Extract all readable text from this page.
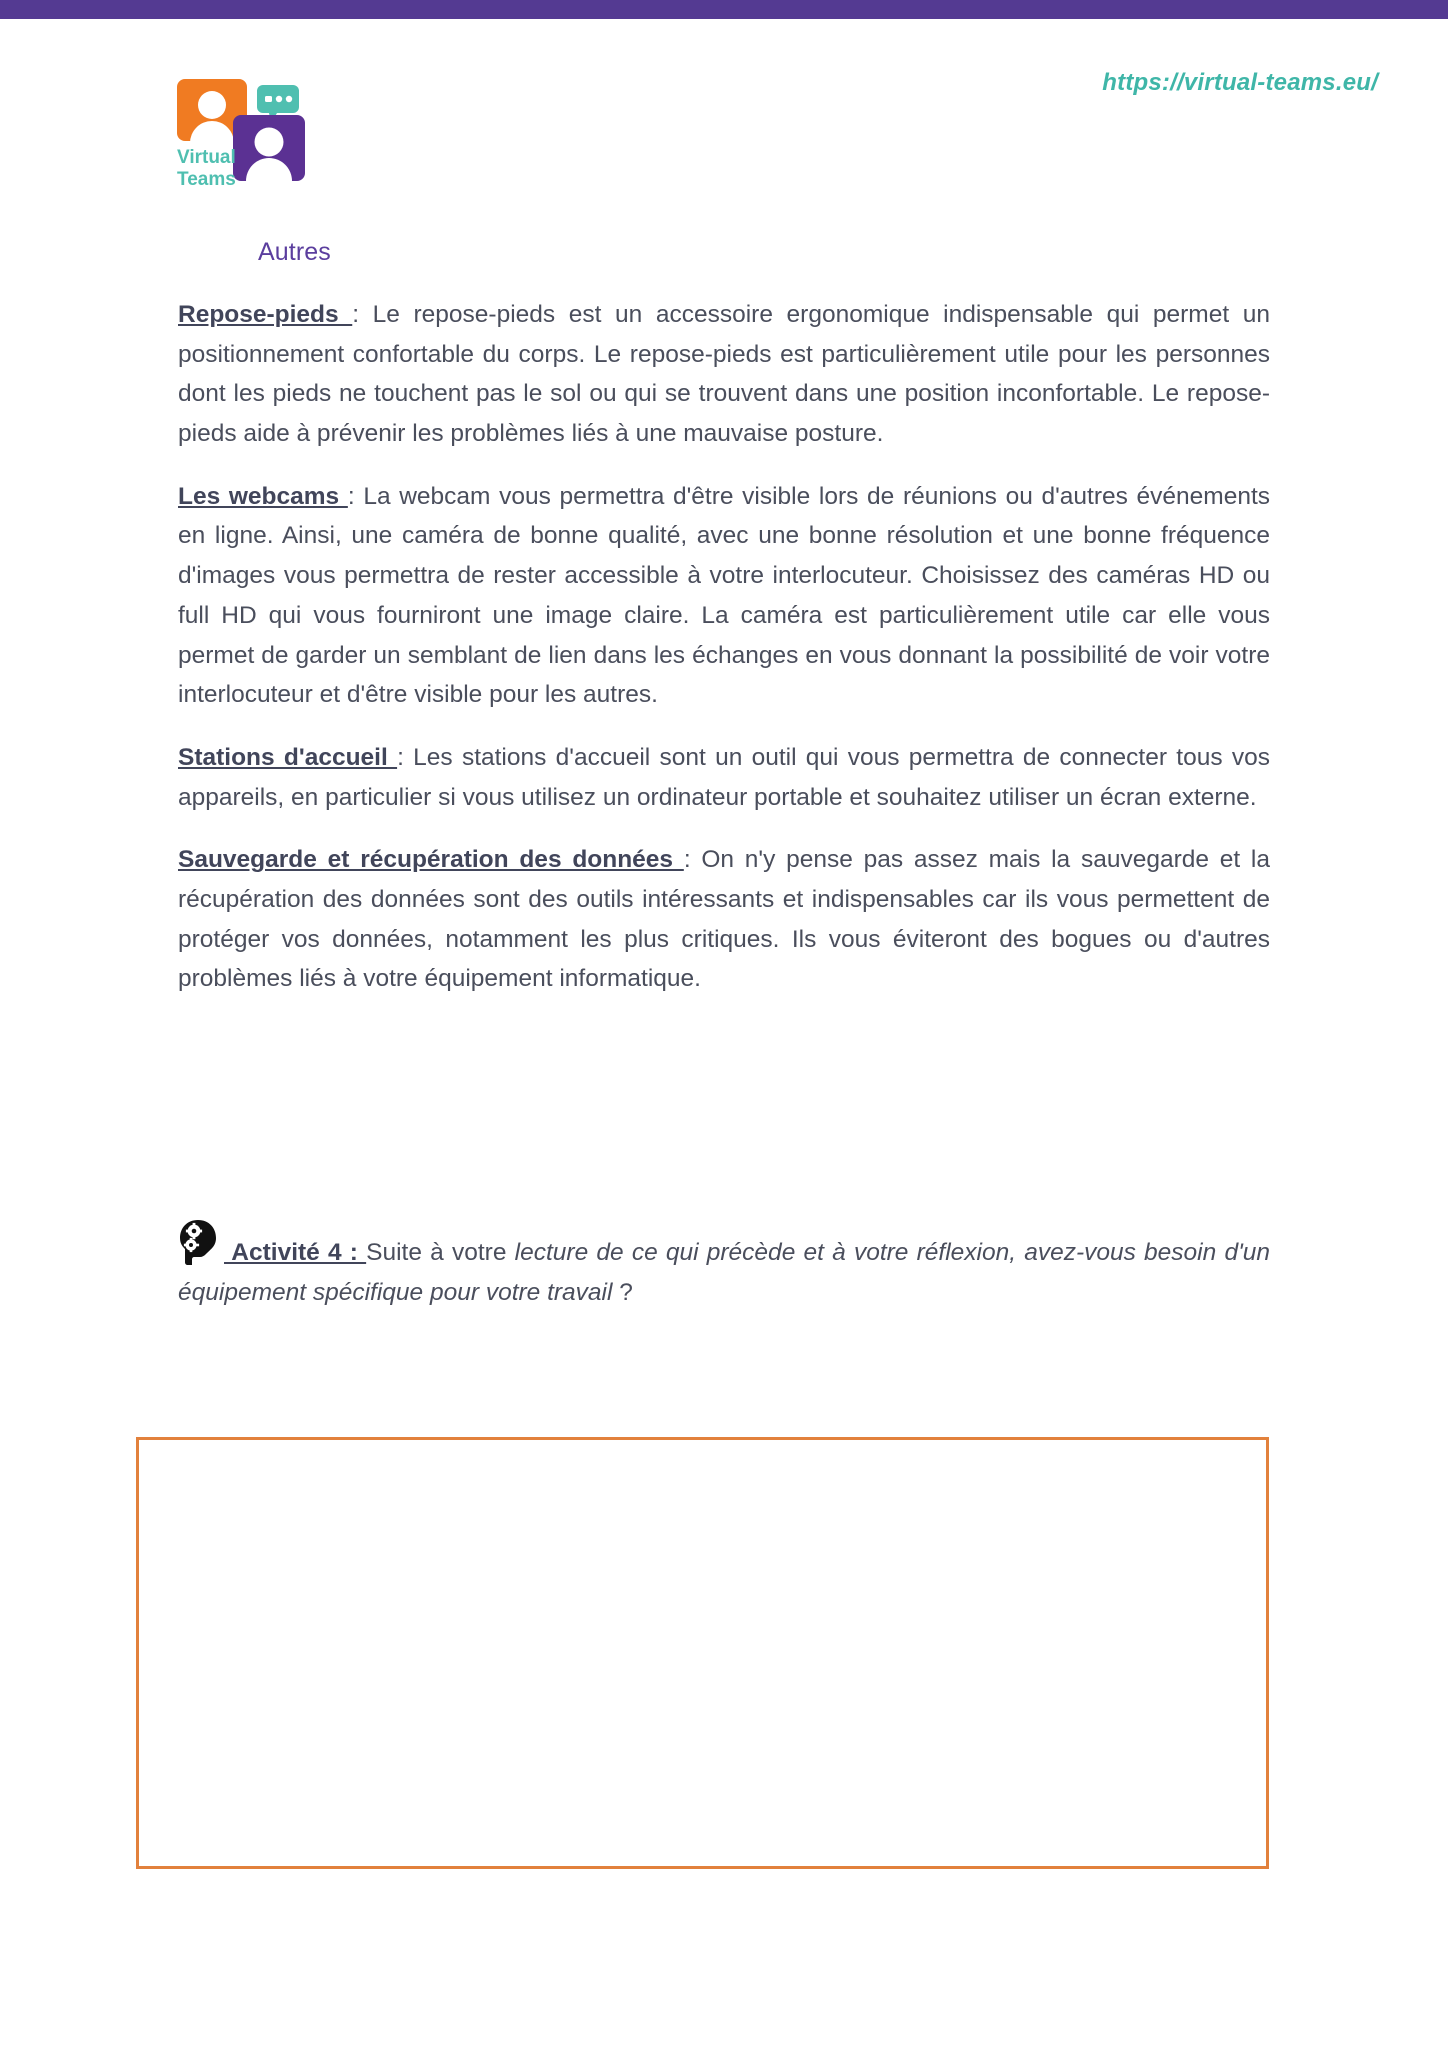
https://virtual-teams.eu/
Virtual
Teams
Autres

Repose-pieds : Le repose-pieds est un accessoire ergonomique indispensable qui permet un positionnement confortable du corps. Le repose-pieds est particulièrement utile pour les personnes dont les pieds ne touchent pas le sol ou qui se trouvent dans une position inconfortable. Le repose-pieds aide à prévenir les problèmes liés à une mauvaise posture.

Les webcams : La webcam vous permettra d'être visible lors de réunions ou d'autres événements en ligne. Ainsi, une caméra de bonne qualité, avec une bonne résolution et une bonne fréquence d'images vous permettra de rester accessible à votre interlocuteur. Choisissez des caméras HD ou full HD qui vous fourniront une image claire. La caméra est particulièrement utile car elle vous permet de garder un semblant de lien dans les échanges en vous donnant la possibilité de voir votre interlocuteur et d'être visible pour les autres.

Stations d'accueil : Les stations d'accueil sont un outil qui vous permettra de connecter tous vos appareils, en particulier si vous utilisez un ordinateur portable et souhaitez utiliser un écran externe.

Sauvegarde et récupération des données : On n'y pense pas assez mais la sauvegarde et la récupération des données sont des outils intéressants et indispensables car ils vous permettent de protéger vos données, notamment les plus critiques. Ils vous éviteront des bogues ou d'autres problèmes liés à votre équipement informatique.

Activité 4 : Suite à votre lecture de ce qui précède et à votre réflexion, avez-vous besoin d'un équipement spécifique pour votre travail ?
